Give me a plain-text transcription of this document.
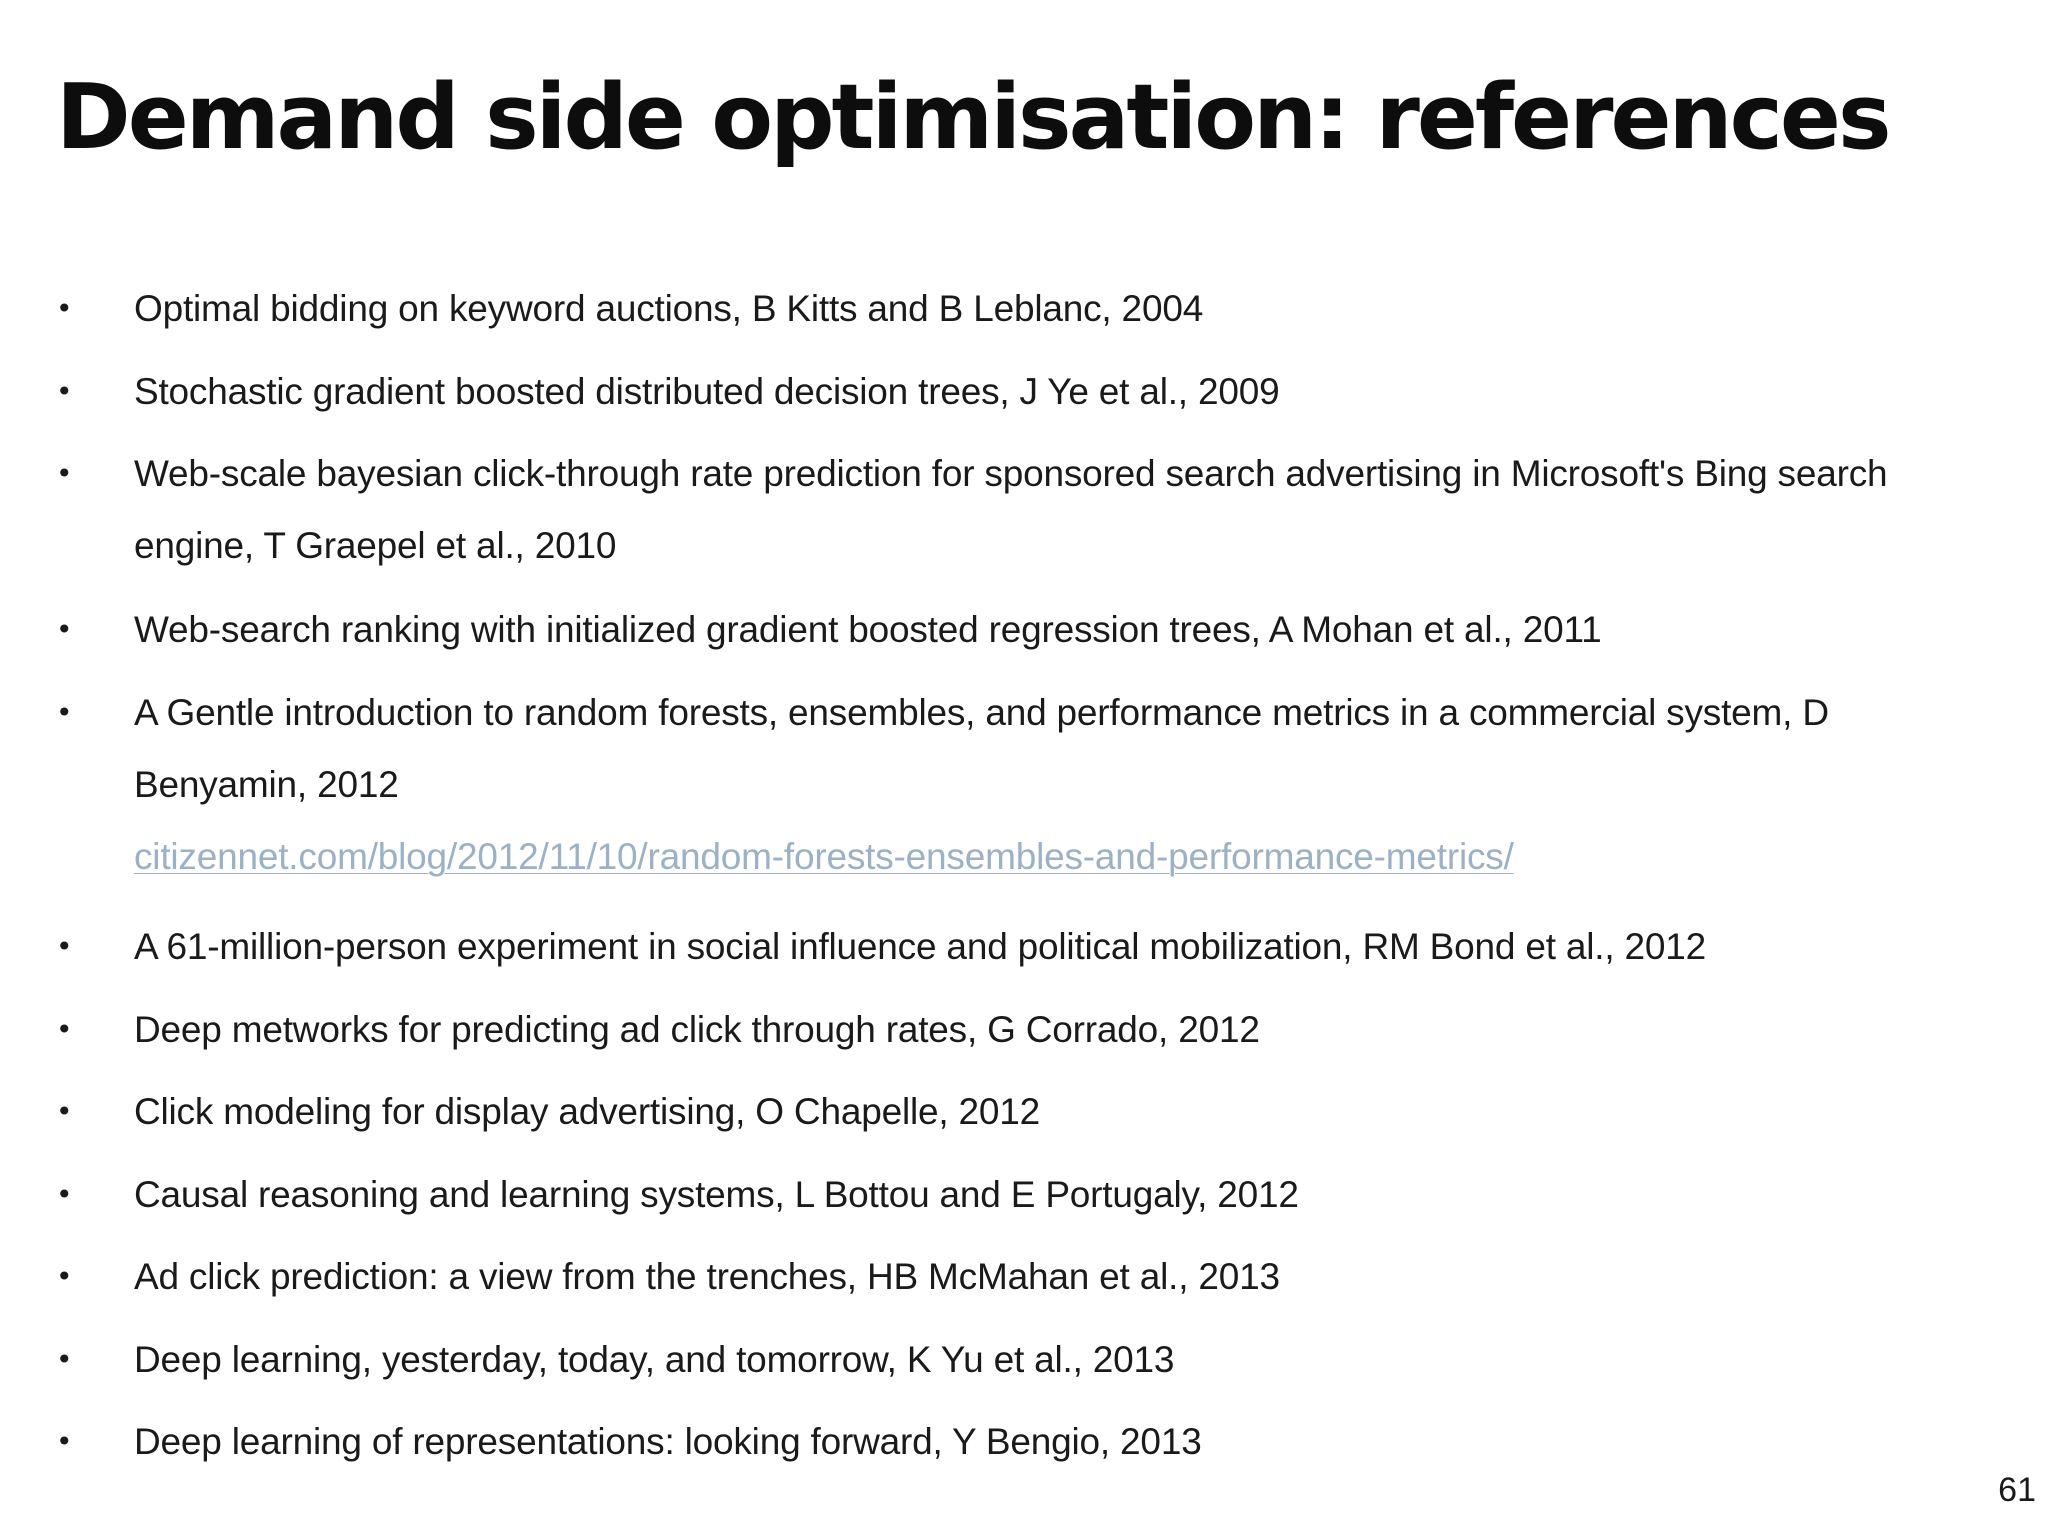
Demand side optimisation: references
• Optimal bidding on keyword auctions, B Kitts and B Leblanc, 2004
• Stochastic gradient boosted distributed decision trees, J Ye et al., 2009
• Web-scale bayesian click-through rate prediction for sponsored search advertising in Microsoft's Bing search
engine, T Graepel et al., 2010
• Web-search ranking with initialized gradient boosted regression trees, A Mohan et al., 2011
• A Gentle introduction to random forests, ensembles, and performance metrics in a commercial system, D
Benyamin, 2012
citizennet.com/blog/2012/11/10/random-forests-ensembles-and-performance-metrics/
• A 61-million-person experiment in social influence and political mobilization, RM Bond et al., 2012
• Deep metworks for predicting ad click through rates, G Corrado, 2012
• Click modeling for display advertising, O Chapelle, 2012
• Causal reasoning and learning systems, L Bottou and E Portugaly, 2012
• Ad click prediction: a view from the trenches, HB McMahan et al., 2013
• Deep learning, yesterday, today, and tomorrow, K Yu et al., 2013
• Deep learning of representations: looking forward, Y Bengio, 2013
61
